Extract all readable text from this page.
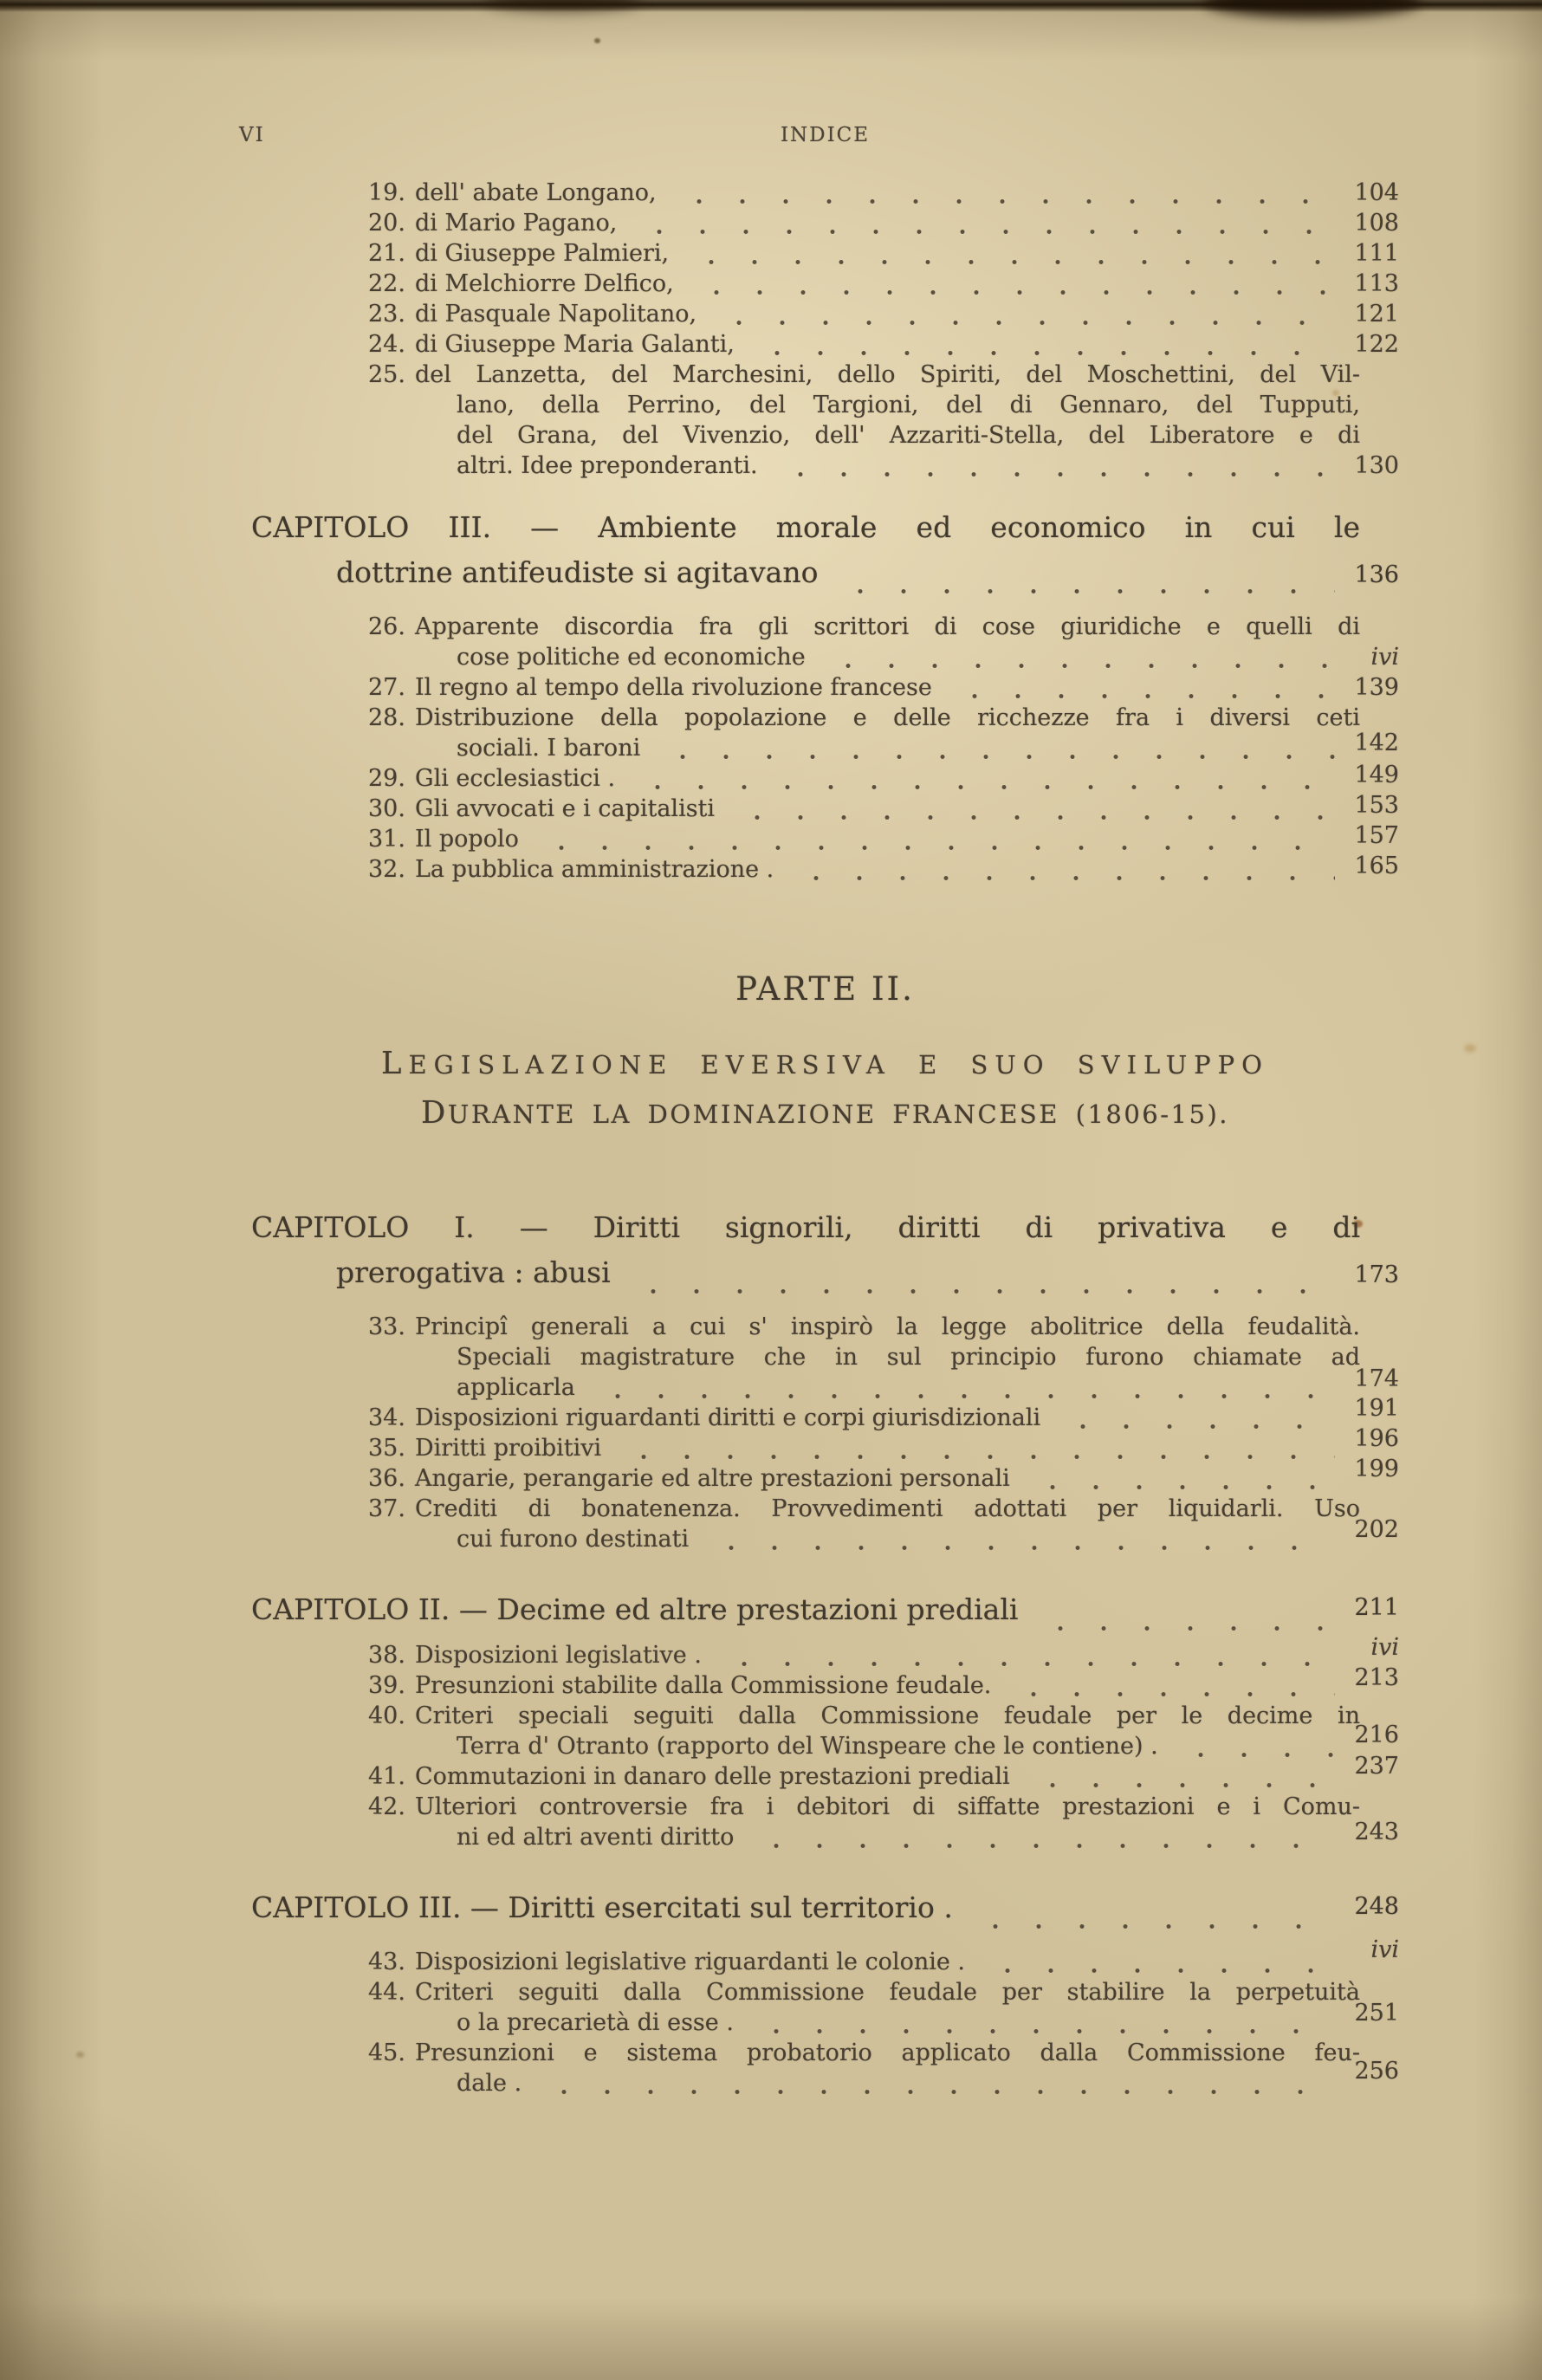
VI	INDICE
19. dell' abate Longano,	104
20. di Mario Pagano,	108
21. di Giuseppe Palmieri,	111
22. di Melchiorre Delfico,	113
23. di Pasquale Napolitano,	121
24. di Giuseppe Maria Galanti,	122
25. del Lanzetta, del Marchesini, dello Spiriti, del Moschettini, del Vil-
lano, della Perrino, del Targioni, del di Gennaro, del Tupputi,
del Grana, del Vivenzio, dell' Azzariti-Stella, del Liberatore e di
altri. Idee preponderanti.	130
CAPITOLO III. — Ambiente morale ed economico in cui le
dottrine antifeudiste si agitavano	136
26. Apparente discordia fra gli scrittori di cose giuridiche e quelli di
cose politiche ed economiche	ivi
27. Il regno al tempo della rivoluzione francese	139
28. Distribuzione della popolazione e delle ricchezze fra i diversi ceti
sociali. I baroni	142
29. Gli ecclesiastici .	149
30. Gli avvocati e i capitalisti	153
31. Il popolo	157
32. La pubblica amministrazione .	165
PARTE II.
LEGISLAZIONE EVERSIVA E SUO SVILUPPO
DURANTE LA DOMINAZIONE FRANCESE (1806-15).
CAPITOLO I. — Diritti signorili, diritti di privativa e di
prerogativa : abusi	173
33. Principî generali a cui s' inspirò la legge abolitrice della feudalità.
Speciali magistrature che in sul principio furono chiamate ad
applicarla	174
34. Disposizioni riguardanti diritti e corpi giurisdizionali	191
35. Diritti proibitivi	196
36. Angarie, perangarie ed altre prestazioni personali	199
37. Crediti di bonatenenza. Provvedimenti adottati per liquidarli. Uso
cui furono destinati	202
CAPITOLO II. — Decime ed altre prestazioni prediali	211
38. Disposizioni legislative .	ivi
39. Presunzioni stabilite dalla Commissione feudale.	213
40. Criteri speciali seguiti dalla Commissione feudale per le decime in
Terra d' Otranto (rapporto del Winspeare che le contiene) .	216
41. Commutazioni in danaro delle prestazioni prediali	237
42. Ulteriori controversie fra i debitori di siffatte prestazioni e i Comu-
ni ed altri aventi diritto	243
CAPITOLO III. — Diritti esercitati sul territorio .	248
43. Disposizioni legislative riguardanti le colonie .	ivi
44. Criteri seguiti dalla Commissione feudale per stabilire la perpetuità
o la precarietà di esse .	251
45. Presunzioni e sistema probatorio applicato dalla Commissione feu-
dale .	256
